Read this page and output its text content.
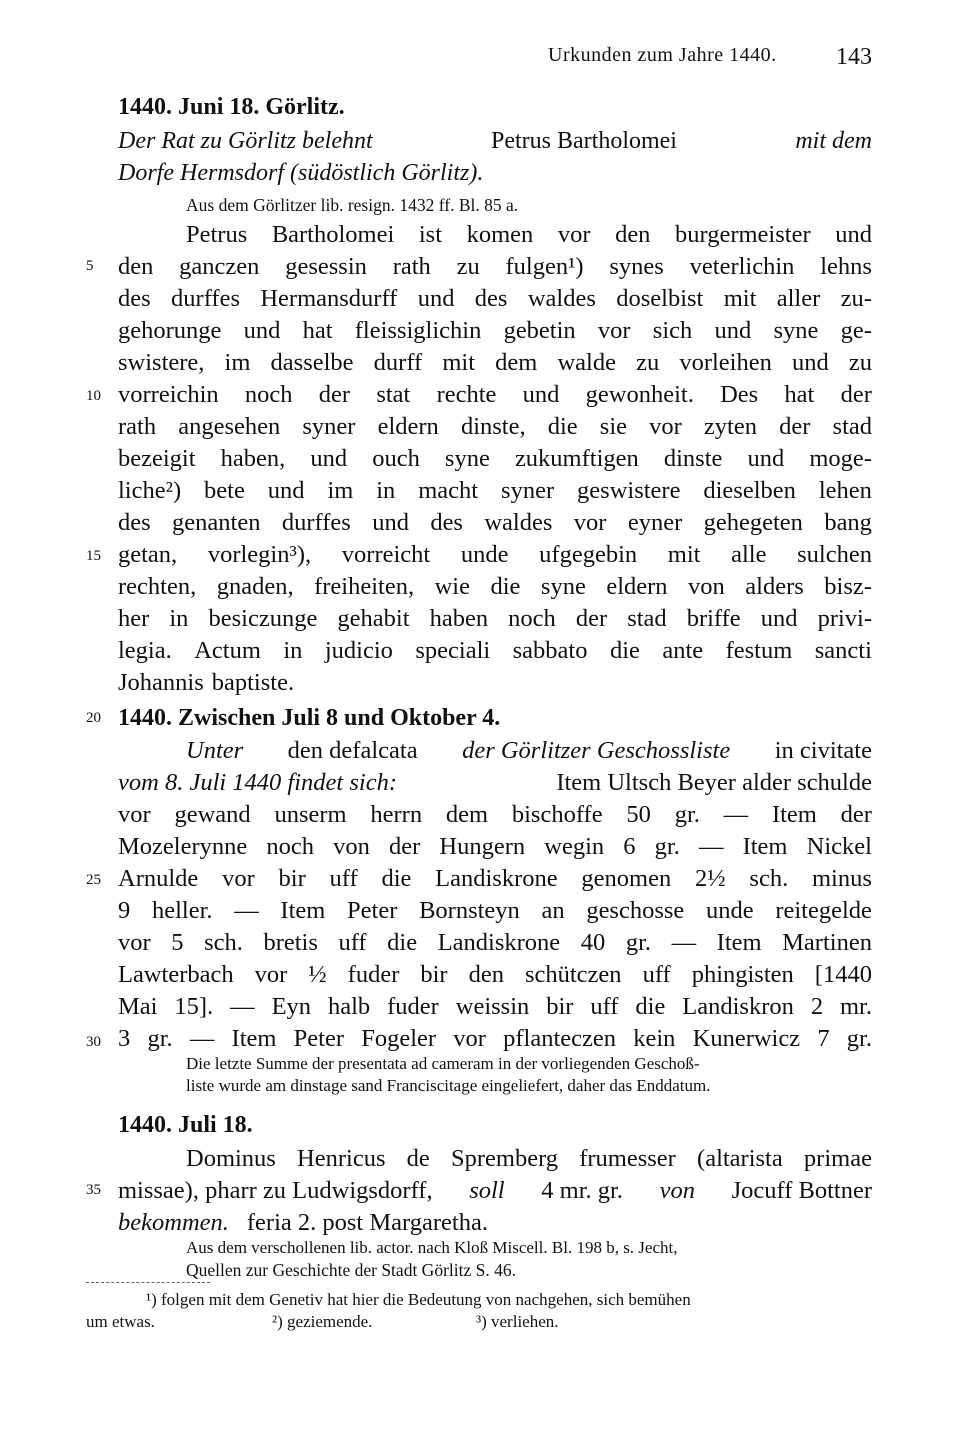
Urkunden zum Jahre 1440. 143
5
10
15
20
25
30
35
1440. Juni 18. Görlitz.
Der Rat zu Görlitz belehnt	Petrus Bartholomei	mit dem
Dorfe Hermsdorf (südöstlich Görlitz).
Aus dem Görlitzer lib. resign. 1432 ff. Bl. 85 a.
Petrus Bartholomei ist komen vor den burgermeister und
den ganczen gesessin rath zu fulgen¹) synes veterlichin lehns
des durffes Hermansdurff und des waldes doselbist mit aller zu-
gehorunge und hat fleissiglichin gebetin vor sich und syne ge-
swistere, im dasselbe durff mit dem walde zu vorleihen und zu
vorreichin noch der stat rechte und gewonheit. Des hat der
rath angesehen syner eldern dinste, die sie vor zyten der stad
bezeigit haben, und ouch syne zukumftigen dinste und moge-
liche²) bete und im in macht syner geswistere dieselben lehen
des genanten durffes und des waldes vor eyner gehegeten bang
getan, vorlegin³), vorreicht unde ufgegebin mit alle sulchen
rechten, gnaden, freiheiten, wie die syne eldern von alders bisz-
her in besiczunge gehabit haben noch der stad briffe und privi-
legia. Actum in judicio speciali sabbato die ante festum sancti
Johannis baptiste.
1440. Zwischen Juli 8 und Oktober 4.
Unter den defalcata der Görlitzer Geschossliste in civitate
vom 8. Juli 1440 findet sich:	Item Ultsch Beyer alder schulde
vor gewand unserm herrn dem bischoffe 50 gr. — Item der
Mozelerynne noch von der Hungern wegin 6 gr. — Item Nickel
Arnulde vor bir uff die Landiskrone genomen 2½ sch. minus
9 heller. — Item Peter Bornsteyn an geschosse unde reitegelde
vor 5 sch. bretis uff die Landiskrone 40 gr. — Item Martinen
Lawterbach vor ½ fuder bir den schütczen uff phingisten [1440
Mai 15]. — Eyn halb fuder weissin bir uff die Landiskron 2 mr.
3 gr. — Item Peter Fogeler vor pflanteczen kein Kunerwicz 7 gr.
Die letzte Summe der presentata ad cameram in der vorliegenden Geschoß-
liste wurde am dinstage sand Franciscitage eingeliefert, daher das Enddatum.
1440. Juli 18.
Dominus Henricus de Spremberg frumesser (altarista primae
missae), pharr zu Ludwigsdorff, soll 4 mr. gr. von Jocuff Bottner
bekommen. feria 2. post Margaretha.
Aus dem verschollenen lib. actor. nach Kloß Miscell. Bl. 198 b, s. Jecht,
Quellen zur Geschichte der Stadt Görlitz S. 46.
¹) folgen mit dem Genetiv hat hier die Bedeutung von nachgehen, sich bemühen
um etwas.	²) geziemende.	³) verliehen.
